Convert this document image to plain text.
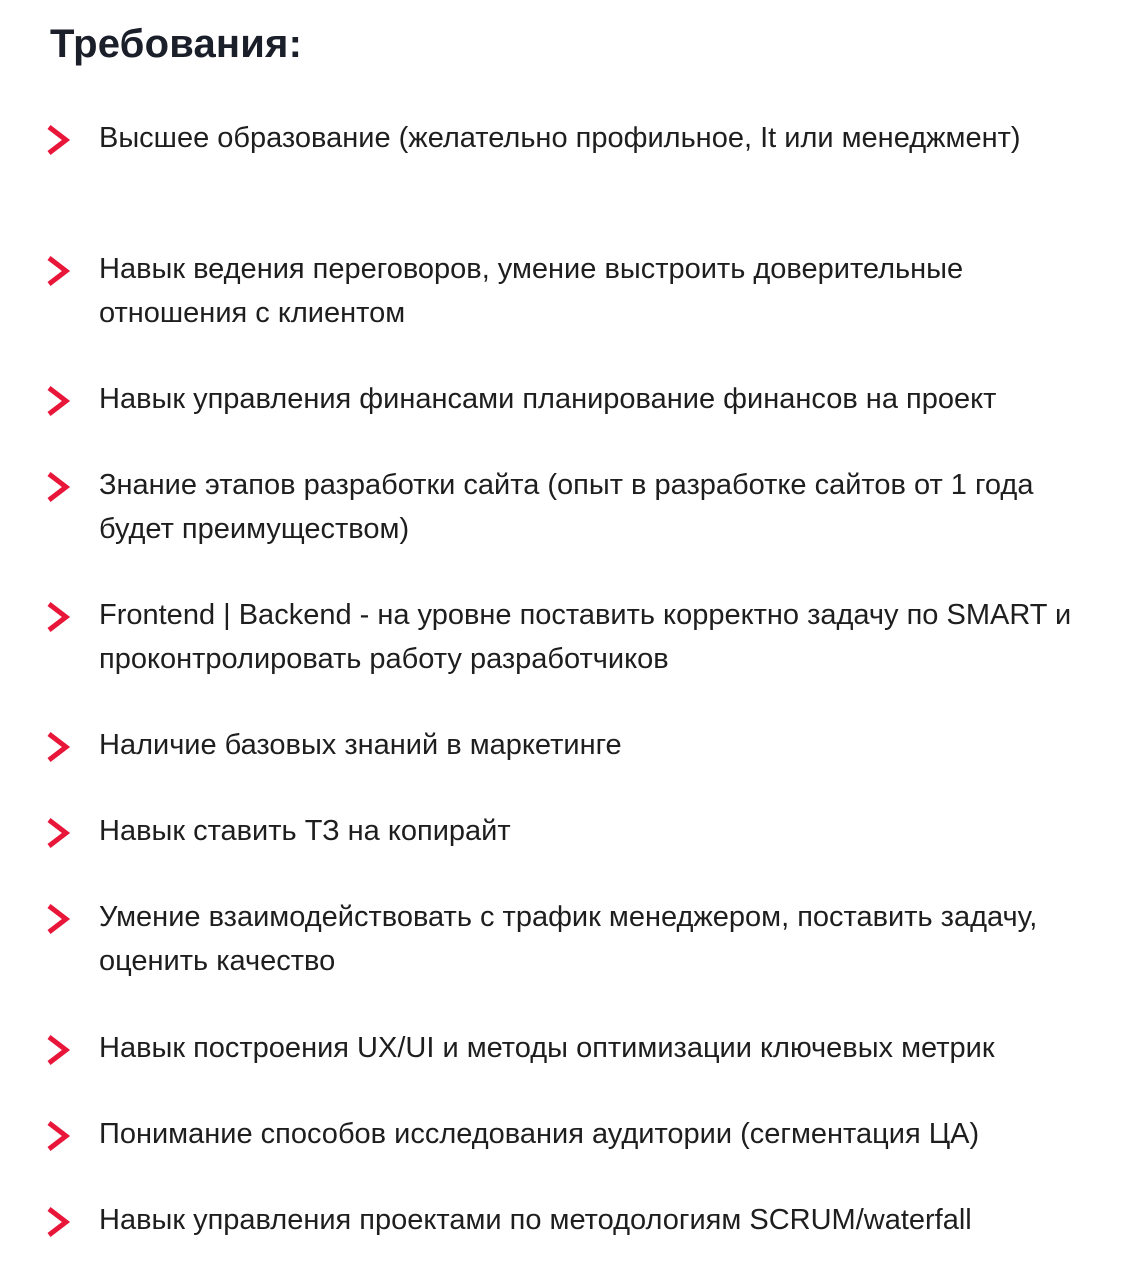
Требования:
Высшее образование (желательно профильное, It или менеджмент)
Навык ведения переговоров, умение выстроить доверительные отношения с клиентом
Навык управления финансами планирование финансов на проект
Знание этапов разработки сайта (опыт в разработке сайтов от 1 года будет преимуществом)
Frontend | Backend - на уровне поставить корректно задачу по SMART и проконтролировать работу разработчиков
Наличие базовых знаний в маркетинге
Навык ставить ТЗ на копирайт
Умение взаимодействовать с трафик менеджером, поставить задачу, оценить качество
Навык построения UX/UI и методы оптимизации ключевых метрик
Понимание способов исследования аудитории (сегментация ЦА)
Навык управления проектами по методологиям SCRUM/waterfall
